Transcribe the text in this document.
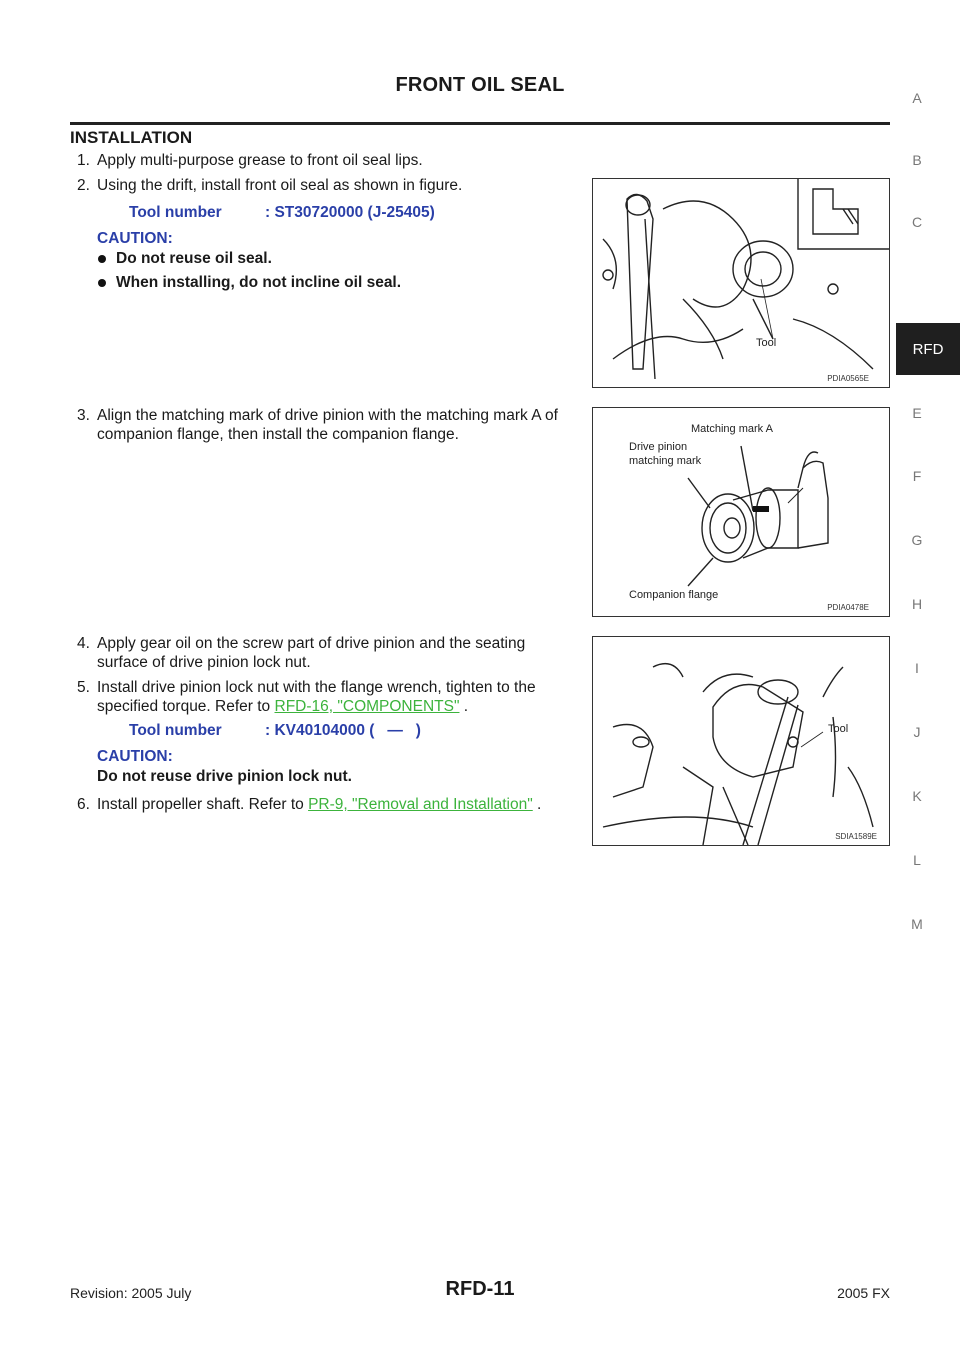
FRONT OIL SEAL
INSTALLATION
1. Apply multi-purpose grease to front oil seal lips.
2. Using the drift, install front oil seal as shown in figure.
Tool number	: ST30720000 (J-25405)
CAUTION:
Do not reuse oil seal.
When installing, do not incline oil seal.
Tool
PDIA0565E
3. Align the matching mark of drive pinion with the matching mark A of companion flange, then install the companion flange.	Matching mark A
Drive pinion
matching mark
Companion flange
PDIA0478E
4. Apply gear oil on the screw part of drive pinion and the seating surface of drive pinion lock nut.
5. Install drive pinion lock nut with the flange wrench, tighten to the specified torque. Refer to RFD-16, "COMPONENTS" .
Tool number	: KV40104000 (   —   )
CAUTION:
Do not reuse drive pinion lock nut.
6. Install propeller shaft. Refer to PR-9, "Removal and Installation" .
Tool
SDIA1589E
A
B
C
RFD
E
F
G
H
I
J
K
L
M
Revision: 2005 July	RFD-11	2005 FX
